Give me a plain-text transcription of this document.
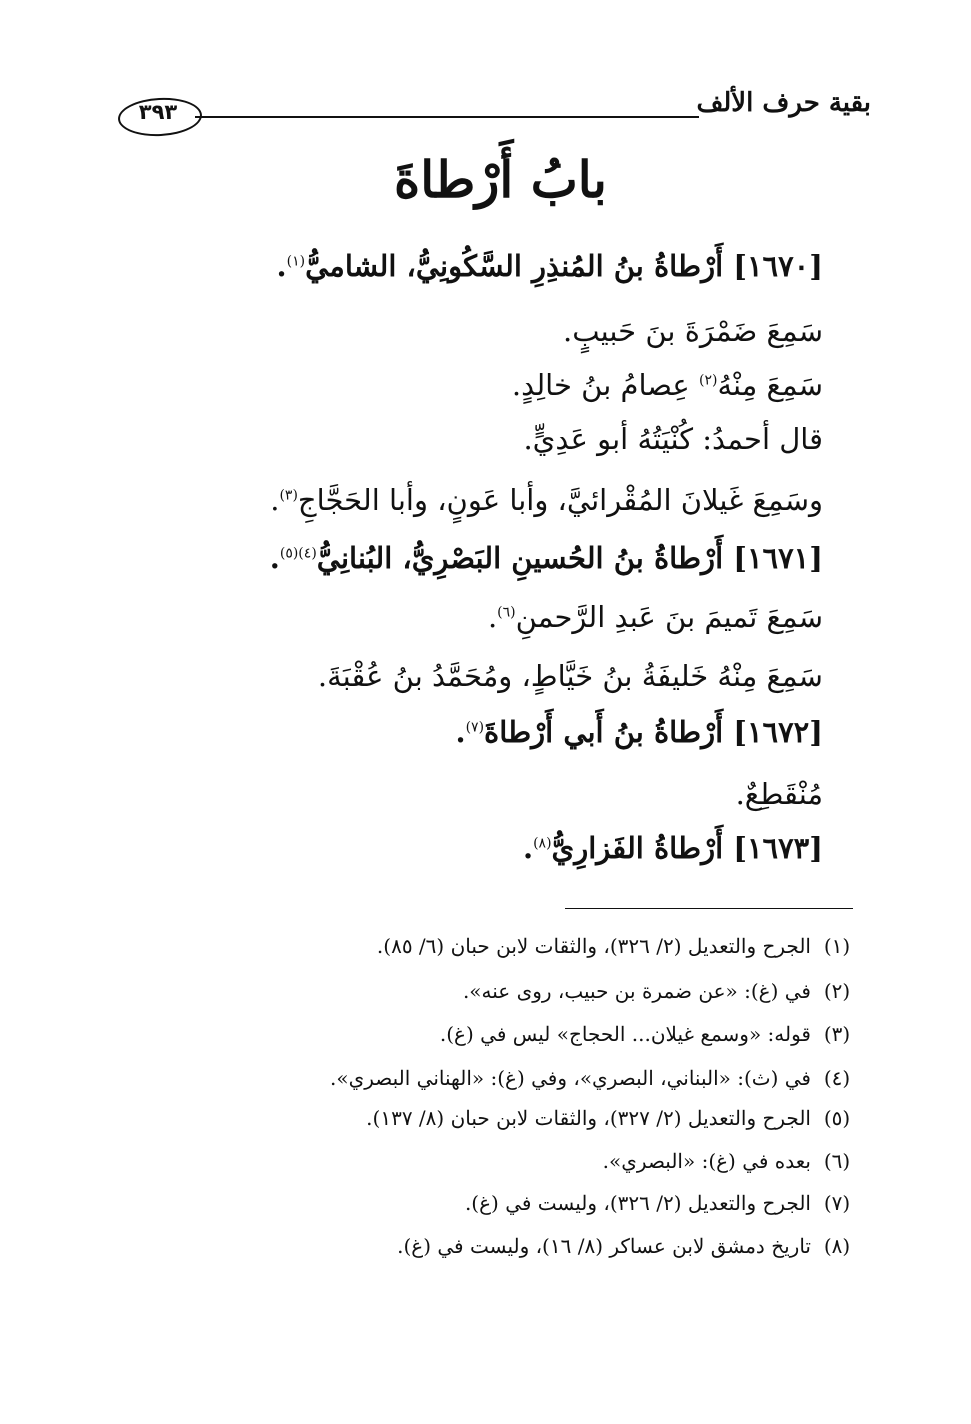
بقية حرف الألف
٣٩٣
بابُ أَرْطاةَ
[١٦٧٠] أَرْطاةُ بنُ المُنذِرِ السَّكُونِيُّ، الشاميُّ$^{(١)}$.
سَمِعَ ضَمْرَةَ بنَ حَبيبٍ.
سَمِعَ مِنْهُ$^{(٢)}$ عِصامُ بنُ خالِدٍ.
قال أحمدُ: كُنْيَتُهُ أبو عَدِيٍّ.
وسَمِعَ غَيلانَ المُقْرائيَّ، وأبا عَونٍ، وأبا الحَجَّاجِ$^{(٣)}$.
[١٦٧١] أَرْطاةُ بنُ الحُسينِ البَصْرِيُّ، البُنانِيُّ$^{(٤)(٥)}$.
سَمِعَ تَميمَ بنَ عَبدِ الرَّحمنِ$^{(٦)}$.
سَمِعَ مِنْهُ خَليفَةُ بنُ خَيَّاطٍ، ومُحَمَّدُ بنُ عُقْبَةَ.
[١٦٧٢] أَرْطاةُ بنُ أَبي أَرْطاةَ$^{(٧)}$.
مُنْقَطِعٌ.
[١٦٧٣] أَرْطاةُ الفَزارِيُّ$^{(٨)}$.
(١)الجرح والتعديل (٢/ ٣٢٦)، والثقات لابن حبان (٦/ ٨٥).
(٢)في (غ): «عن ضمرة بن حبيب، روى عنه».
(٣)قوله: «وسمع غيلان... الحجاج» ليس في (غ).
(٤)في (ث): «البناني، البصري»، وفي (غ): «الهناني البصري».
(٥)الجرح والتعديل (٢/ ٣٢٧)، والثقات لابن حبان (٨/ ١٣٧).
(٦)بعده في (غ): «البصري».
(٧)الجرح والتعديل (٢/ ٣٢٦)، وليست في (غ).
(٨)تاريخ دمشق لابن عساكر (٨/ ١٦)، وليست في (غ).
